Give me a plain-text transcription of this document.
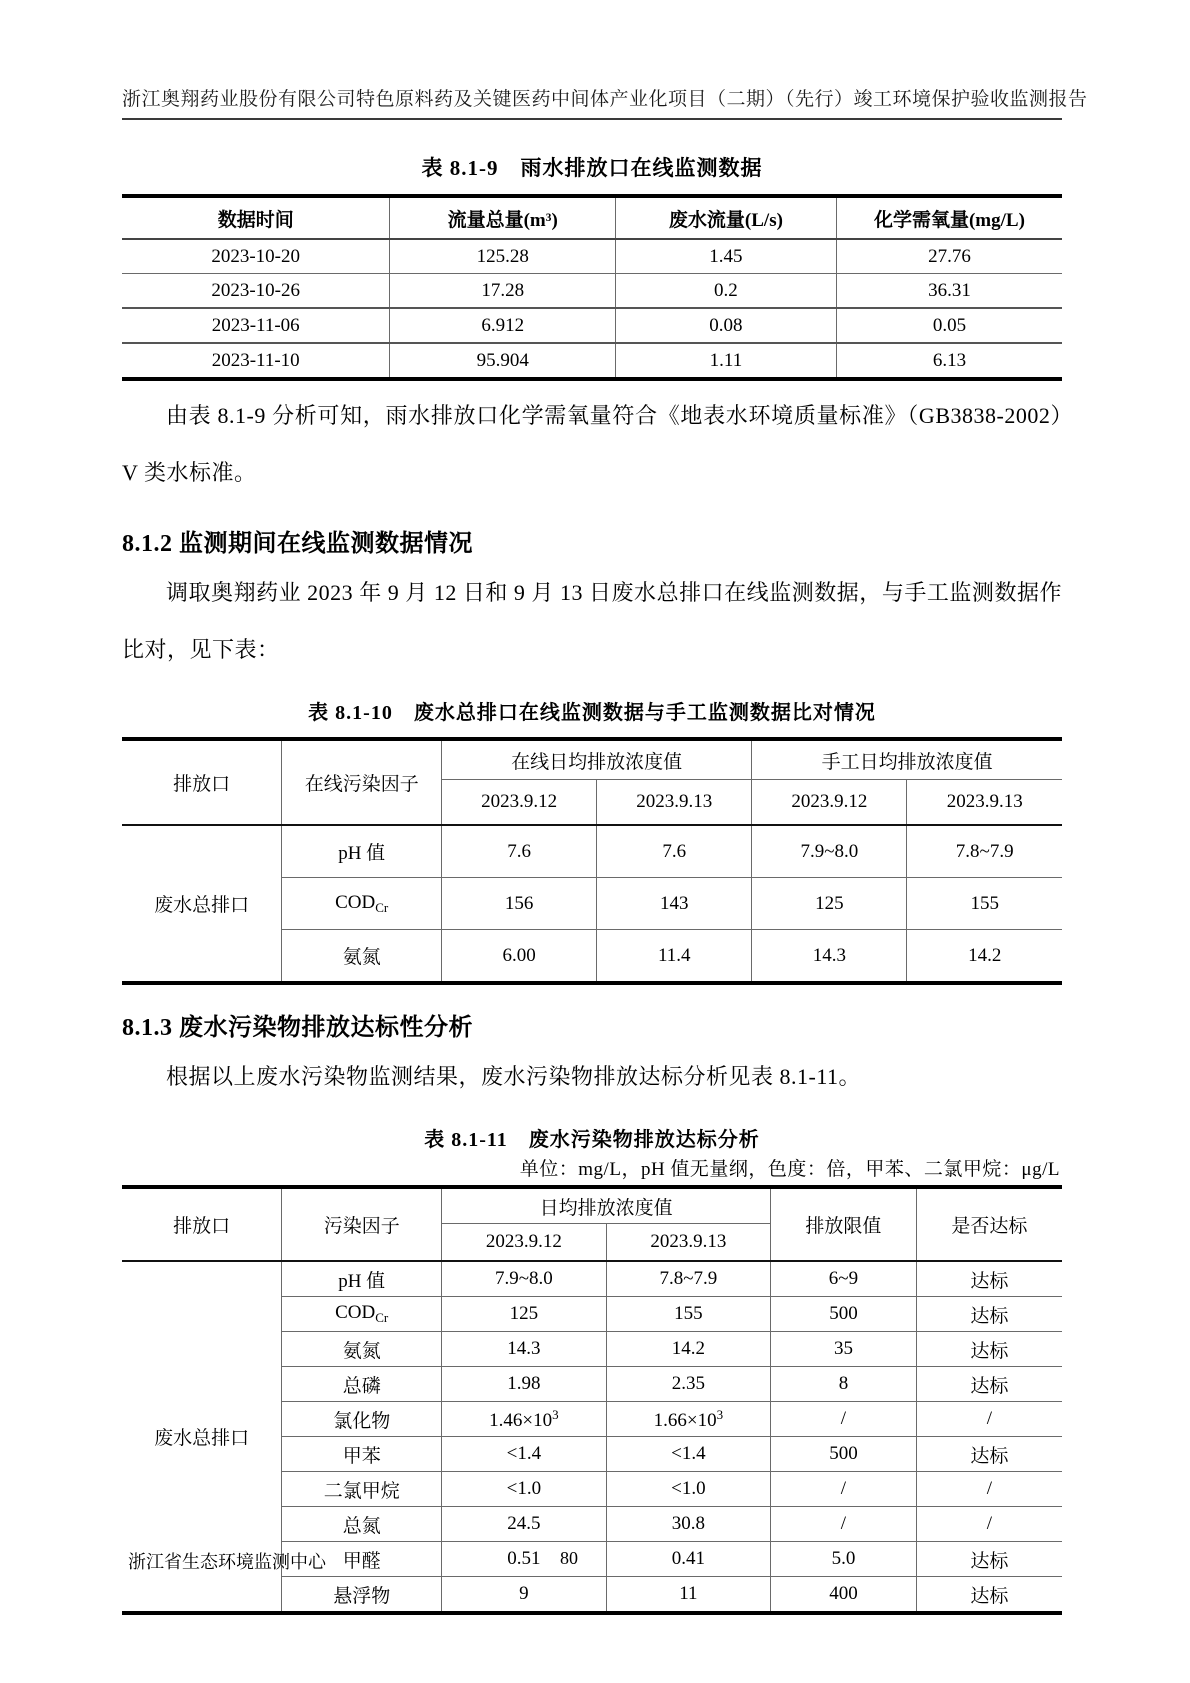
浙江奥翔药业股份有限公司特色原料药及关键医药中间体产业化项目（二期）（先行）竣工环境保护验收监测报告
表 8.1-9　雨水排放口在线监测数据
数据时间	流量总量(m³)	废水流量(L/s)	化学需氧量(mg/L)
2023-10-20	125.28	1.45	27.76
2023-10-26	17.28	0.2	36.31
2023-11-06	6.912	0.08	0.05
2023-11-10	95.904	1.11	6.13

由表 8.1-9 分析可知，雨水排放口化学需氧量符合《地表水环境质量标准》（GB3838-2002）V 类水标准。

8.1.2 监测期间在线监测数据情况

调取奥翔药业 2023 年 9 月 12 日和 9 月 13 日废水总排口在线监测数据，与手工监测数据作比对，见下表：

表 8.1-10　废水总排口在线监测数据与手工监测数据比对情况
排放口	在线污染因子	在线日均排放浓度值		手工日均排放浓度值	
		2023.9.12	2023.9.13	2023.9.12	2023.9.13
废水总排口	pH 值	7.6	7.6	7.9~8.0	7.8~7.9
	$COD_{Cr}$	156	143	125	155
	氨氮	6.00	11.4	14.3	14.2
8.1.3 废水污染物排放达标性分析

根据以上废水污染物监测结果，废水污染物排放达标分析见表 8.1-11。

表 8.1-11　废水污染物排放达标分析
单位：mg/L，pH 值无量纲，色度：倍，甲苯、二氯甲烷：μg/L
排放口	污染因子	日均排放浓度值		排放限值	是否达标
		2023.9.12	2023.9.13		
废水总排口	pH 值	7.9~8.0	7.8~7.9	6~9	达标
	$COD_{Cr}$	125	155	500	达标
	氨氮	14.3	14.2	35	达标
	总磷	1.98	2.35	8	达标
	氯化物	$1.46\times 10^3$	$1.66\times 10^3$	/	/
	甲苯	<1.4	<1.4	500	达标
	二氯甲烷	<1.0	<1.0	/	/
	总氮	24.5	30.8	/	/
	甲醛	0.51	0.41	5.0	达标
	悬浮物	9	11	400	达标
浙江省生态环境监测中心	80
